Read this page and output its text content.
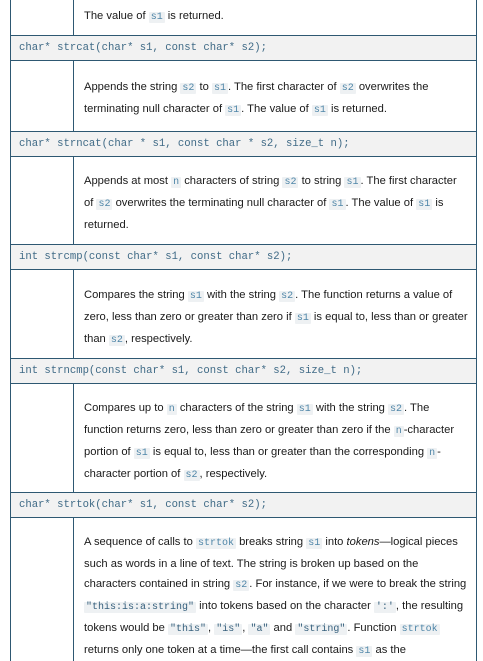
The value of s1 is returned.
char* strcat(char* s1, const char* s2);
Appends the string s2 to s1 . The first character of s2 overwrites the terminating null character of s1 . The value of s1 is returned.
char* strncat(char * s1, const char * s2, size_t n);
Appends at most n characters of string s2 to string s1 . The first character of s2 overwrites the terminating null character of s1 . The value of s1 is returned.
int strcmp(const char* s1, const char* s2);
Compares the string s1 with the string s2 . The function returns a value of zero, less than zero or greater than zero if s1 is equal to, less than or greater than s2 , respectively.
int strncmp(const char* s1, const char* s2, size_t n);
Compares up to n characters of the string s1 with the string s2 . The function returns zero, less than zero or greater than zero if the n -character portion of s1 is equal to, less than or greater than the corresponding n -character portion of s2 , respectively.
char* strtok(char* s1, const char* s2);
A sequence of calls to strtok breaks string s1 into tokens—logical pieces such as words in a line of text. The string is broken up based on the characters contained in string s2 . For instance, if we were to break the string "this:is:a:string" into tokens based on the character ':' , the resulting tokens would be "this" , "is" , "a" and "string" . Function strtok returns only one token at a time—the first call contains s1 as the
